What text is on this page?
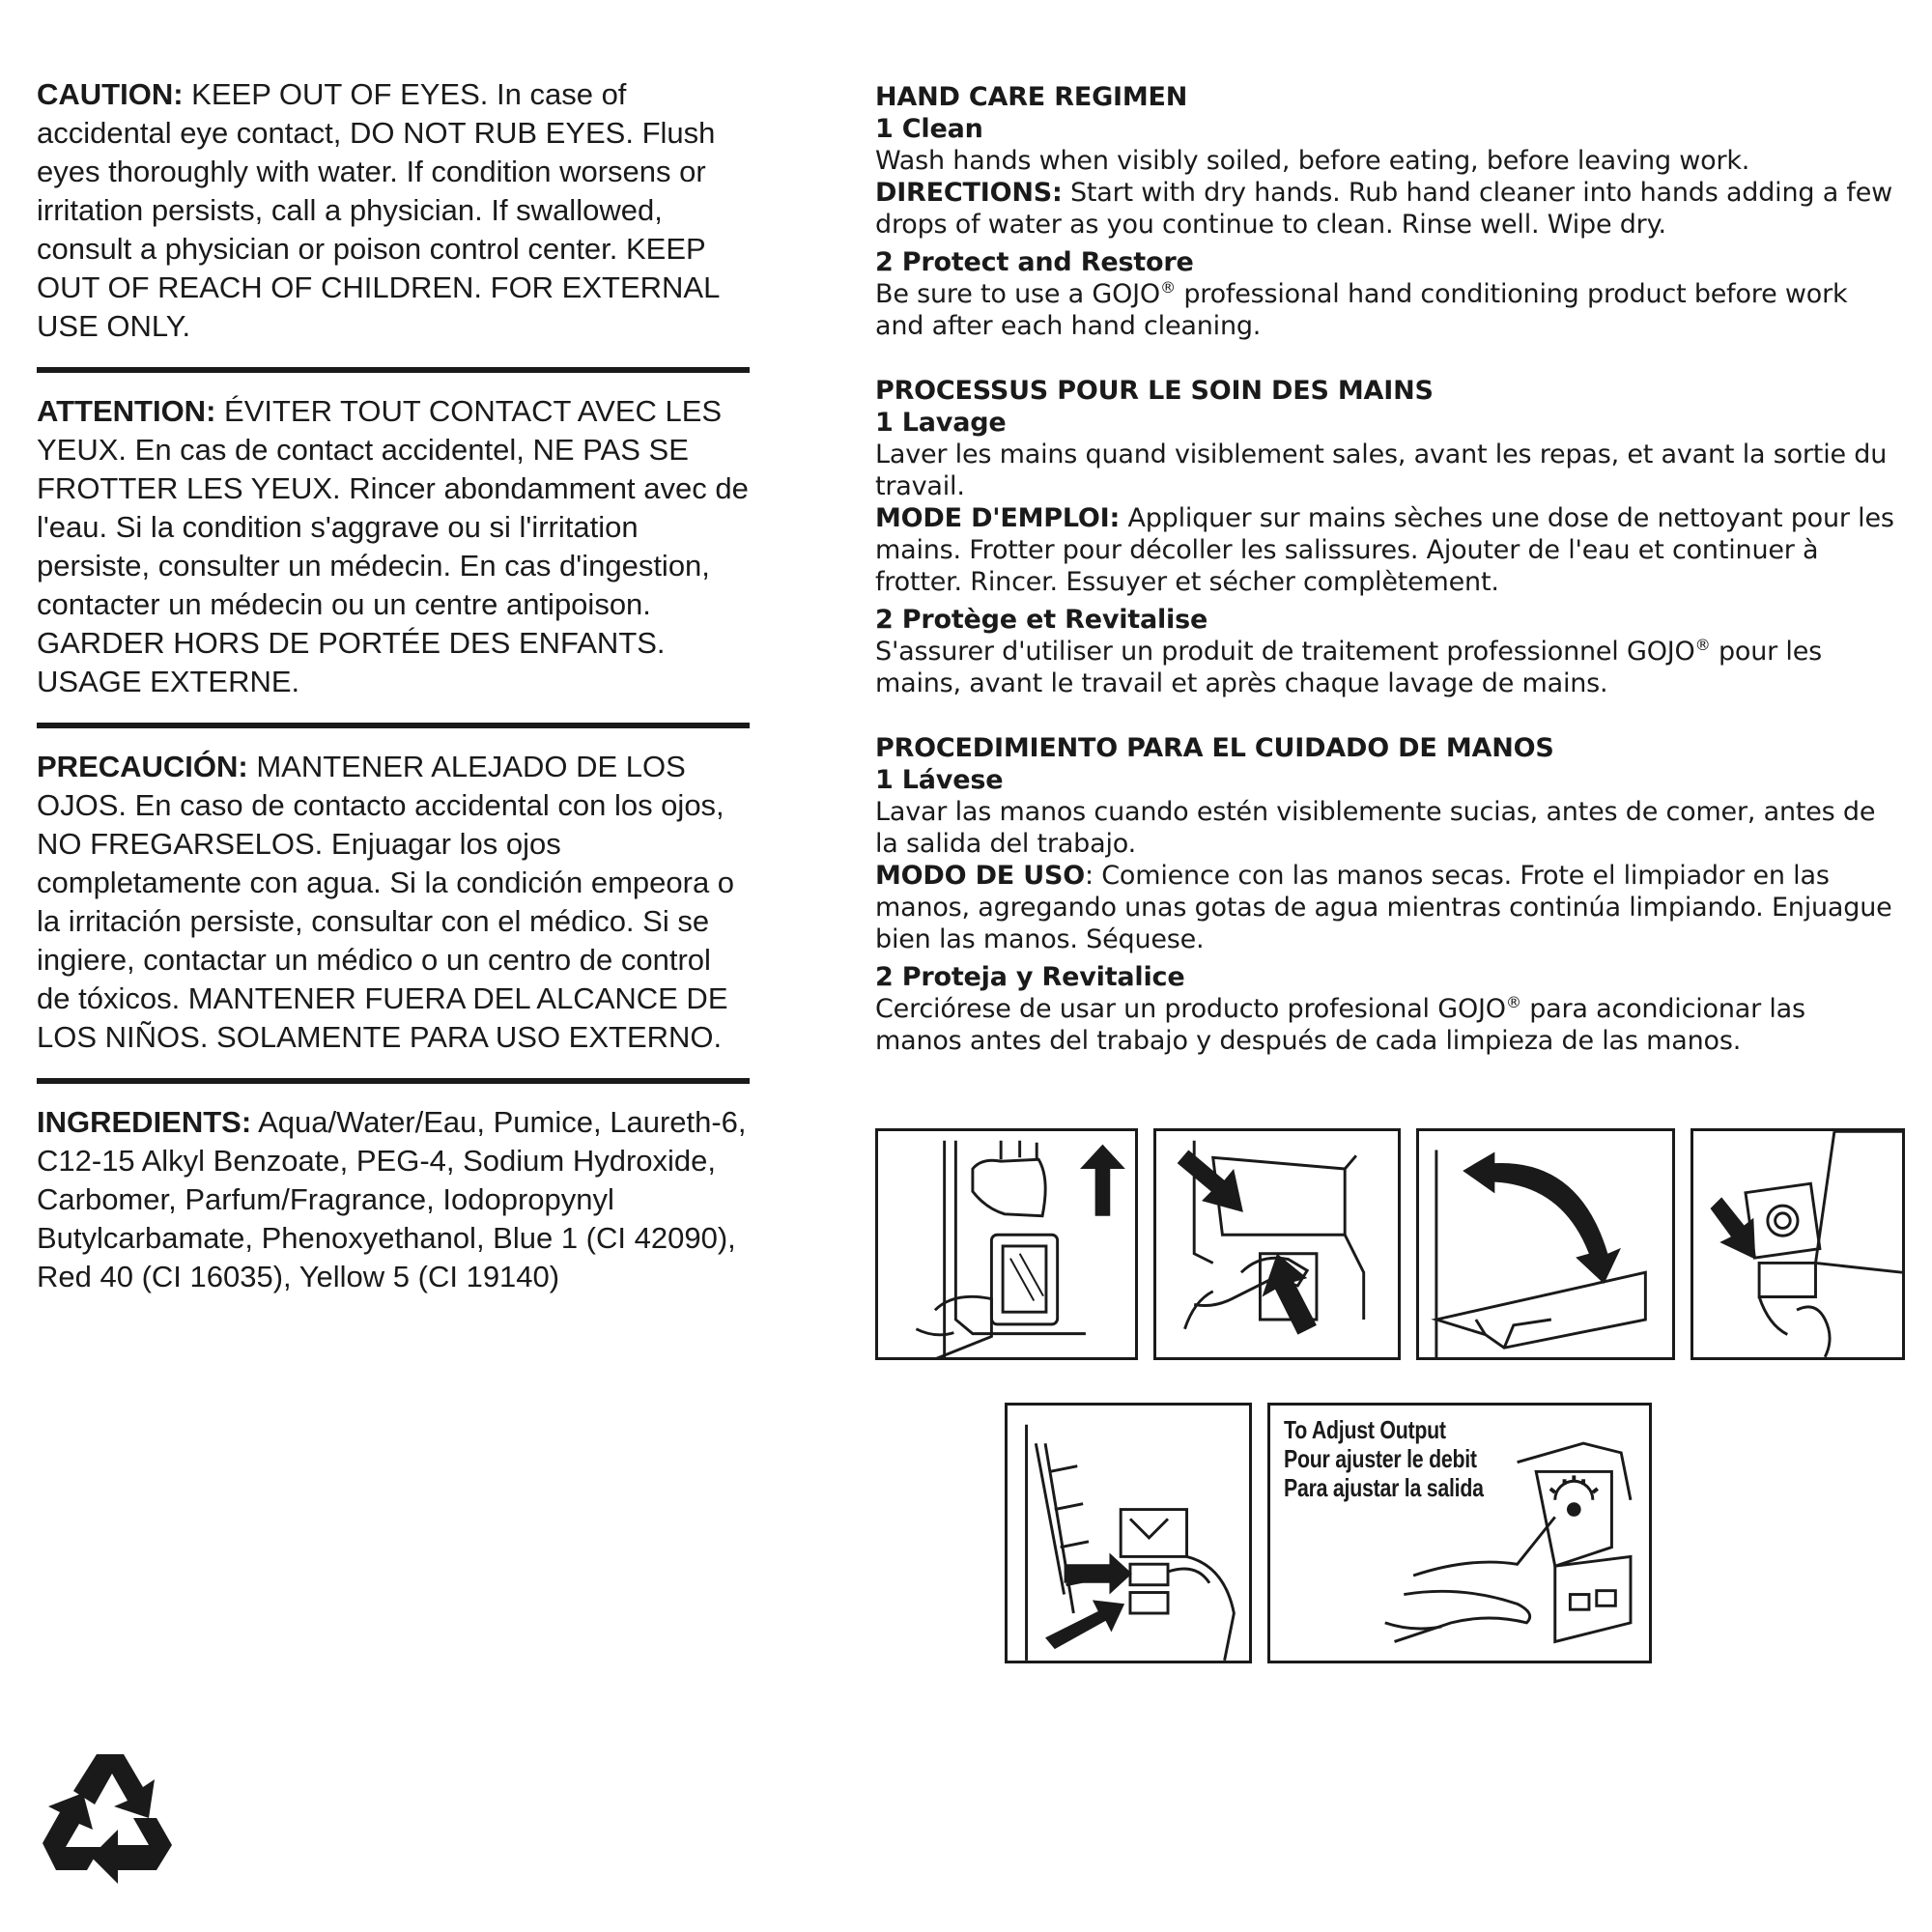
CAUTION: KEEP OUT OF EYES. In case of accidental eye contact, DO NOT RUB EYES. Flush eyes thoroughly with water. If condition worsens or irritation persists, call a physician. If swallowed, consult a physician or poison control center. KEEP OUT OF REACH OF CHILDREN. FOR EXTERNAL USE ONLY.

ATTENTION: ÉVITER TOUT CONTACT AVEC LES YEUX. En cas de contact accidentel, NE PAS SE FROTTER LES YEUX. Rincer abondamment avec de l'eau. Si la condition s'aggrave ou si l'irritation persiste, consulter un médecin. En cas d'ingestion, contacter un médecin ou un centre antipoison. GARDER HORS DE PORTÉE DES ENFANTS. USAGE EXTERNE.

PRECAUCIÓN: MANTENER ALEJADO DE LOS OJOS. En caso de contacto accidental con los ojos, NO FREGARSELOS. Enjuagar los ojos completamente con agua. Si la condición empeora o la irritación persiste, consultar con el médico. Si se ingiere, contactar un médico o un centro de control de tóxicos. MANTENER FUERA DEL ALCANCE DE LOS NIÑOS. SOLAMENTE PARA USO EXTERNO.

INGREDIENTS: Aqua/Water/Eau, Pumice, Laureth-6, C12-15 Alkyl Benzoate, PEG-4, Sodium Hydroxide, Carbomer, Parfum/Fragrance, Iodopropynyl Butylcarbamate, Phenoxyethanol, Blue 1 (CI 42090), Red 40 (CI 16035), Yellow 5 (CI 19140)

HAND CARE REGIMEN
1 Clean
Wash hands when visibly soiled, before eating, before leaving work.
DIRECTIONS: Start with dry hands. Rub hand cleaner into hands adding a few drops of water as you continue to clean. Rinse well. Wipe dry.
2 Protect and Restore
Be sure to use a GOJO® professional hand conditioning product before work and after each hand cleaning.
PROCESSUS POUR LE SOIN DES MAINS
1 Lavage
Laver les mains quand visiblement sales, avant les repas, et avant la sortie du travail.
MODE D'EMPLOI: Appliquer sur mains sèches une dose de nettoyant pour les mains. Frotter pour décoller les salissures. Ajouter de l'eau et continuer à frotter. Rincer. Essuyer et sécher complètement.
2 Protège et Revitalise
S'assurer d'utiliser un produit de traitement professionnel GOJO® pour les mains, avant le travail et après chaque lavage de mains.
PROCEDIMIENTO PARA EL CUIDADO DE MANOS
1 Lávese
Lavar las manos cuando estén visiblemente sucias, antes de comer, antes de la salida del trabajo.
MODO DE USO: Comience con las manos secas. Frote el limpiador en las manos, agregando unas gotas de agua mientras continúa limpiando. Enjuague bien las manos. Séquese.
2 Proteja y Revitalice
Cerciórese de usar un producto profesional GOJO® para acondicionar las manos antes del trabajo y después de cada limpieza de las manos.
To Adjust Output
Pour ajuster le debit
Para ajustar la salida
